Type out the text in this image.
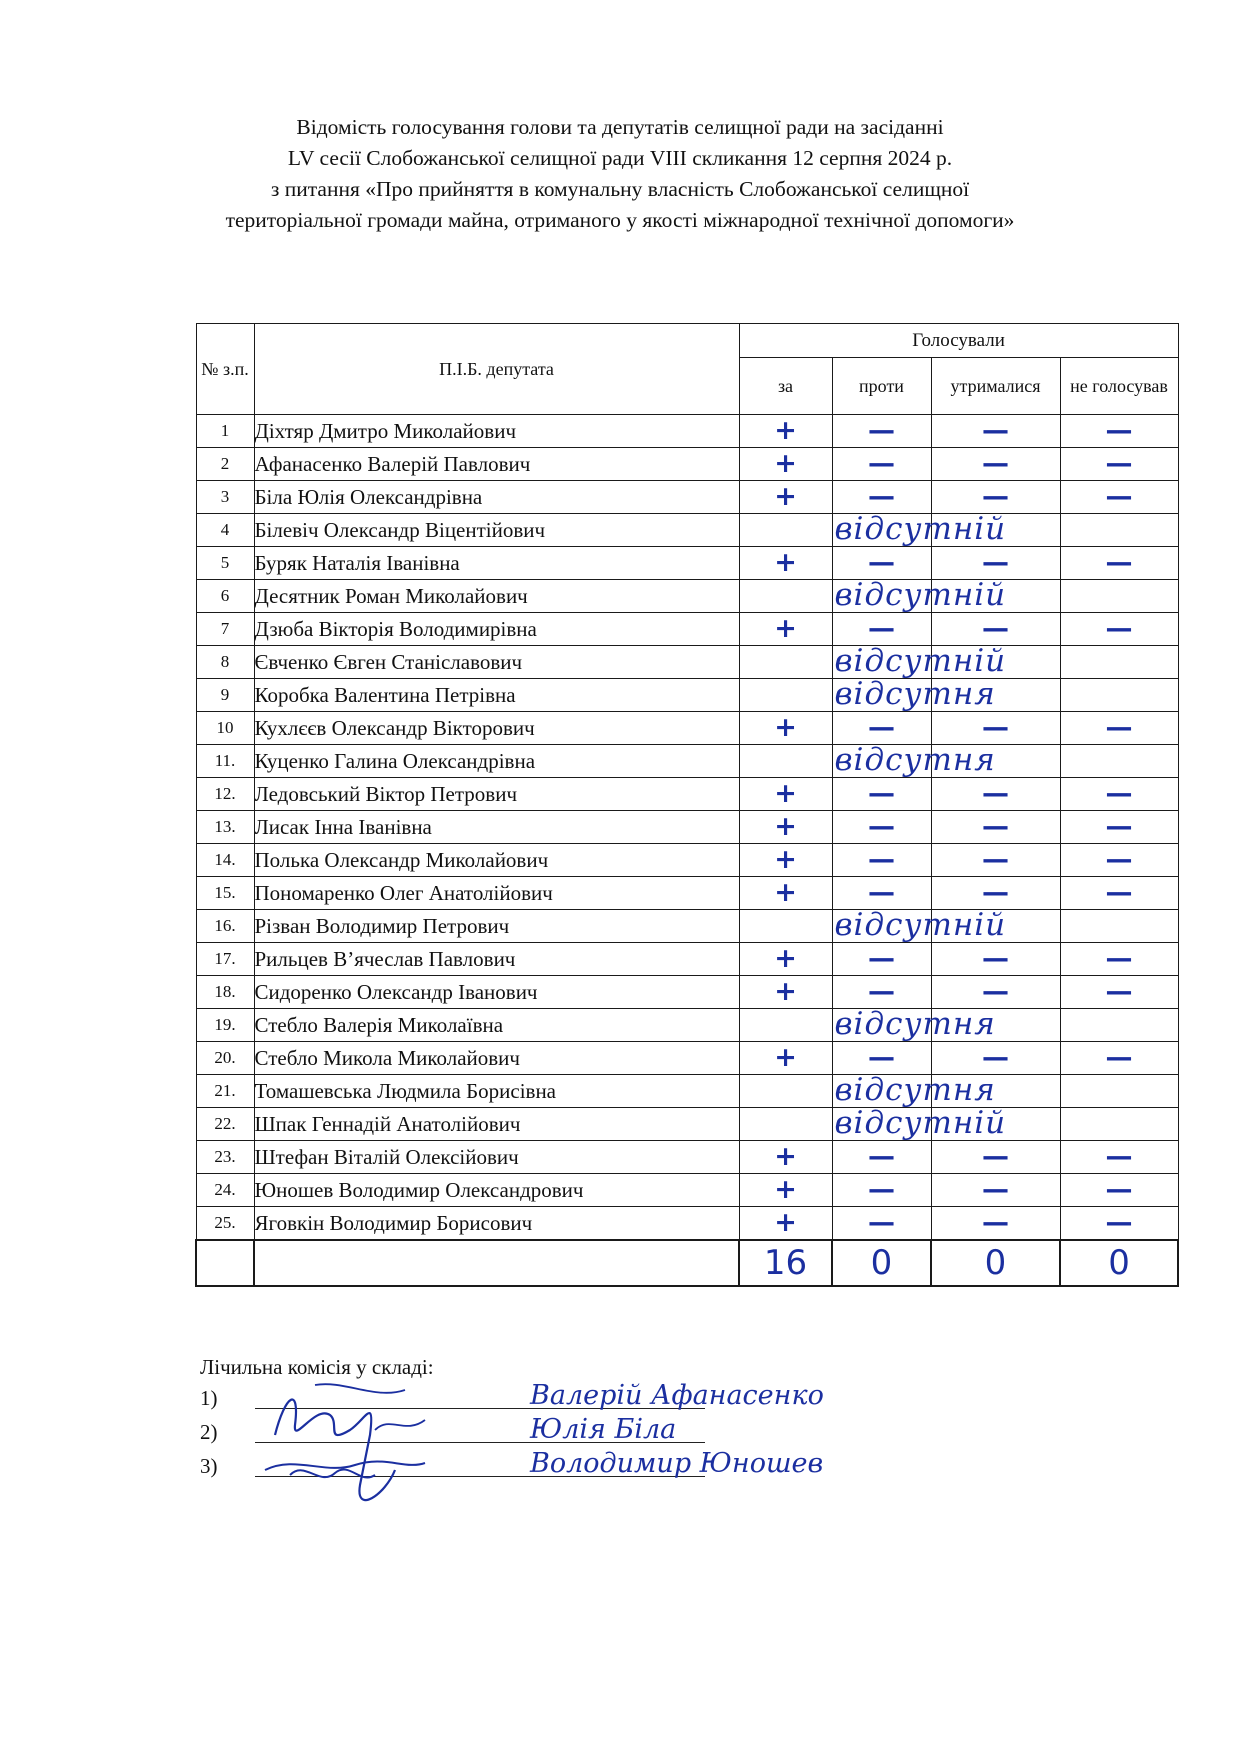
Відомість голосування голови та депутатів селищної ради на засіданні
LV сесії Слобожанської селищної ради VIII скликання 12 серпня 2024 р.
з питання «Про прийняття в комунальну власність Слобожанської селищної
територіальної громади майна, отриманого у якості міжнародної технічної допомоги»
№ з.п.	П.І.Б. депутата	Голосували			
		за	проти	утрималися	не голосував
1	Діхтяр Дмитро Миколайович	+	—	—	—
2	Афанасенко Валерій Павлович	+	—	—	—
3	Біла Юлія Олександрівна	+	—	—	—
4	Білевіч Олександр Віцентійович	відсутній			

5	Буряк Наталія Іванівна	+	—	—	—
6	Десятник Роман Миколайович	відсутній			

7	Дзюба Вікторія Володимирівна	+	—	—	—
8	Євченко Євген Станіславович	відсутній			

9	Коробка Валентина Петрівна	відсутня			

10	Кухлєєв Олександр Вікторович	+	—	—	—
11.	Куценко Галина Олександрівна	відсутня			

12.	Ледовський Віктор Петрович	+	—	—	—
13.	Лисак Інна Іванівна	+	—	—	—
14.	Полька Олександр Миколайович	+	—	—	—
15.	Пономаренко Олег Анатолійович	+	—	—	—
16.	Різван Володимир Петрович	відсутній			

17.	Рильцев В’ячеслав Павлович	+	—	—	—
18.	Сидоренко Олександр Іванович	+	—	—	—
19.	Стебло Валерія Миколаївна	відсутня			

20.	Стебло Микола Миколайович	+	—	—	—
21.	Томашевська Людмила Борисівна	відсутня			

22.	Шпак Геннадій Анатолійович	відсутній			

23.	Штефан Віталій Олексійович	+	—	—	—
24.	Юношев Володимир Олександрович	+	—	—	—
25.	Яговкін Володимир Борисович	+	—	—	—
		16	0	0	0
Лічильна комісія у складі:
1)	Валерій Афанасенко
2)	Юлія Біла
3)	Володимир Юношев
